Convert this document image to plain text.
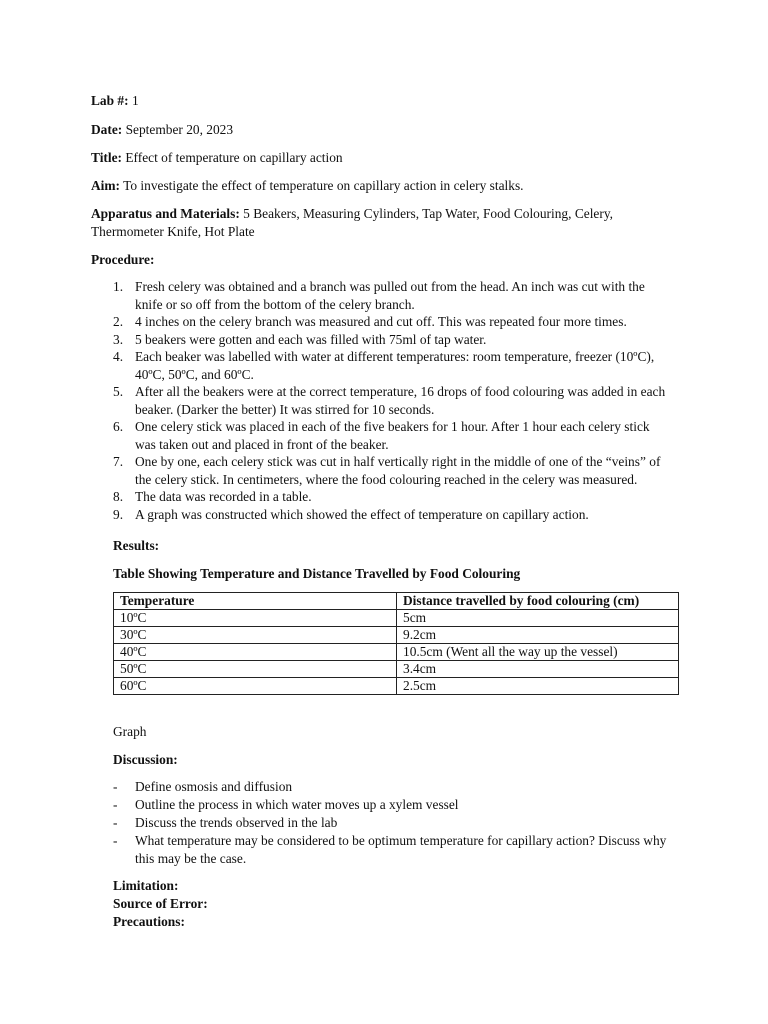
Lab #: 1
Date: September 20, 2023
Title: Effect of temperature on capillary action
Aim: To investigate the effect of temperature on capillary action in celery stalks.
Apparatus and Materials: 5 Beakers, Measuring Cylinders, Tap Water, Food Colouring, Celery,
Thermometer Knife, Hot Plate
Procedure:
1. Fresh celery was obtained and a branch was pulled out from the head. An inch was cut with the knife or so off from the bottom of the celery branch.
2. 4 inches on the celery branch was measured and cut off. This was repeated four more times.
3. 5 beakers were gotten and each was filled with 75ml of tap water.
4. Each beaker was labelled with water at different temperatures: room temperature, freezer (10ºC), 40ºC, 50ºC, and 60ºC.
5. After all the beakers were at the correct temperature, 16 drops of food colouring was added in each beaker. (Darker the better) It was stirred for 10 seconds.
6. One celery stick was placed in each of the five beakers for 1 hour. After 1 hour each celery stick was taken out and placed in front of the beaker.
7. One by one, each celery stick was cut in half vertically right in the middle of one of the “veins” of the celery stick. In centimeters, where the food colouring reached in the celery was measured.
8. The data was recorded in a table.
9. A graph was constructed which showed the effect of temperature on capillary action.
Results:
Table Showing Temperature and Distance Travelled by Food Colouring
Temperature	Distance travelled by food colouring (cm)
10ºC	5cm
30ºC	9.2cm
40ºC	10.5cm (Went all the way up the vessel)
50ºC	3.4cm
60ºC	2.5cm
Graph
Discussion:
- Define osmosis and diffusion
- Outline the process in which water moves up a xylem vessel
- Discuss the trends observed in the lab
- What temperature may be considered to be optimum temperature for capillary action? Discuss why this may be the case.
Limitation:
Source of Error:
Precautions:
